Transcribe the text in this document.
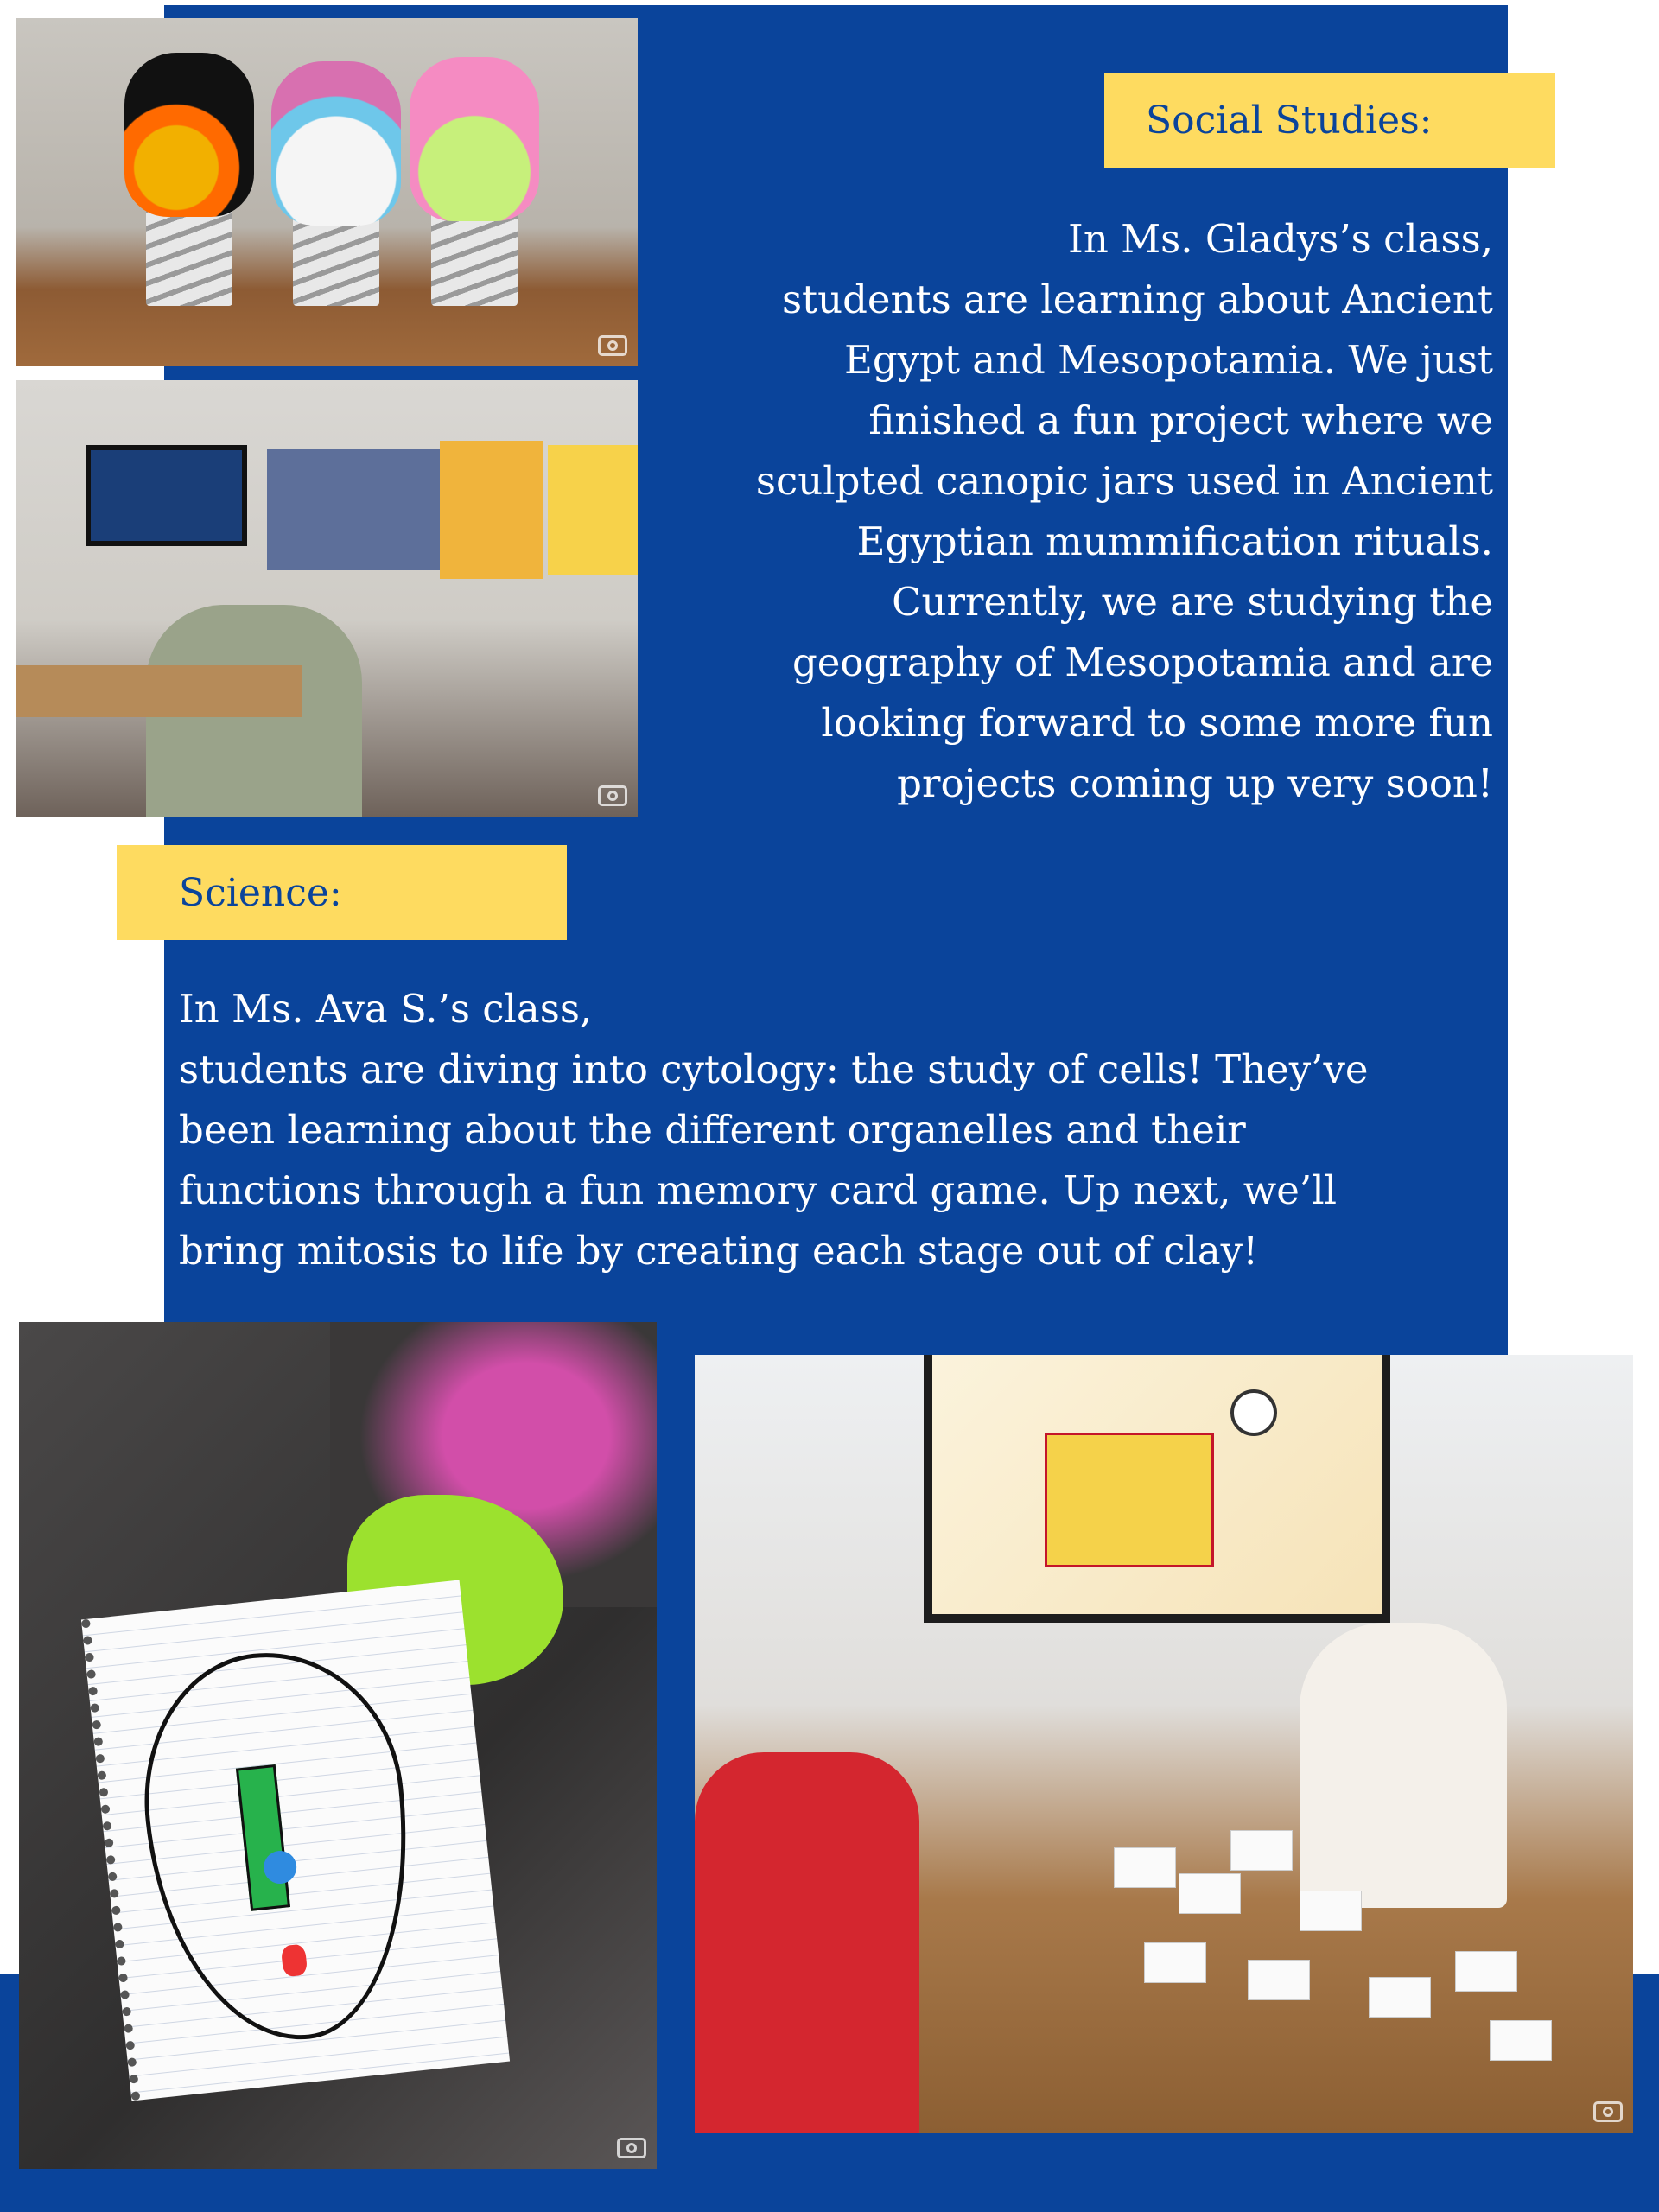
Social Studies:

In Ms. Gladys’s class,
students are learning about Ancient
Egypt and Mesopotamia. We just
finished a fun project where we
sculpted canopic jars used in Ancient
Egyptian mummification rituals.
Currently, we are studying the
geography of Mesopotamia and are
looking forward to some more fun
projects coming up very soon!

Science:

In Ms. Ava S.’s class,
students are diving into cytology: the study of cells! They’ve
been learning about the different organelles and their
functions through a fun memory card game. Up next, we’ll
bring mitosis to life by creating each stage out of clay!
